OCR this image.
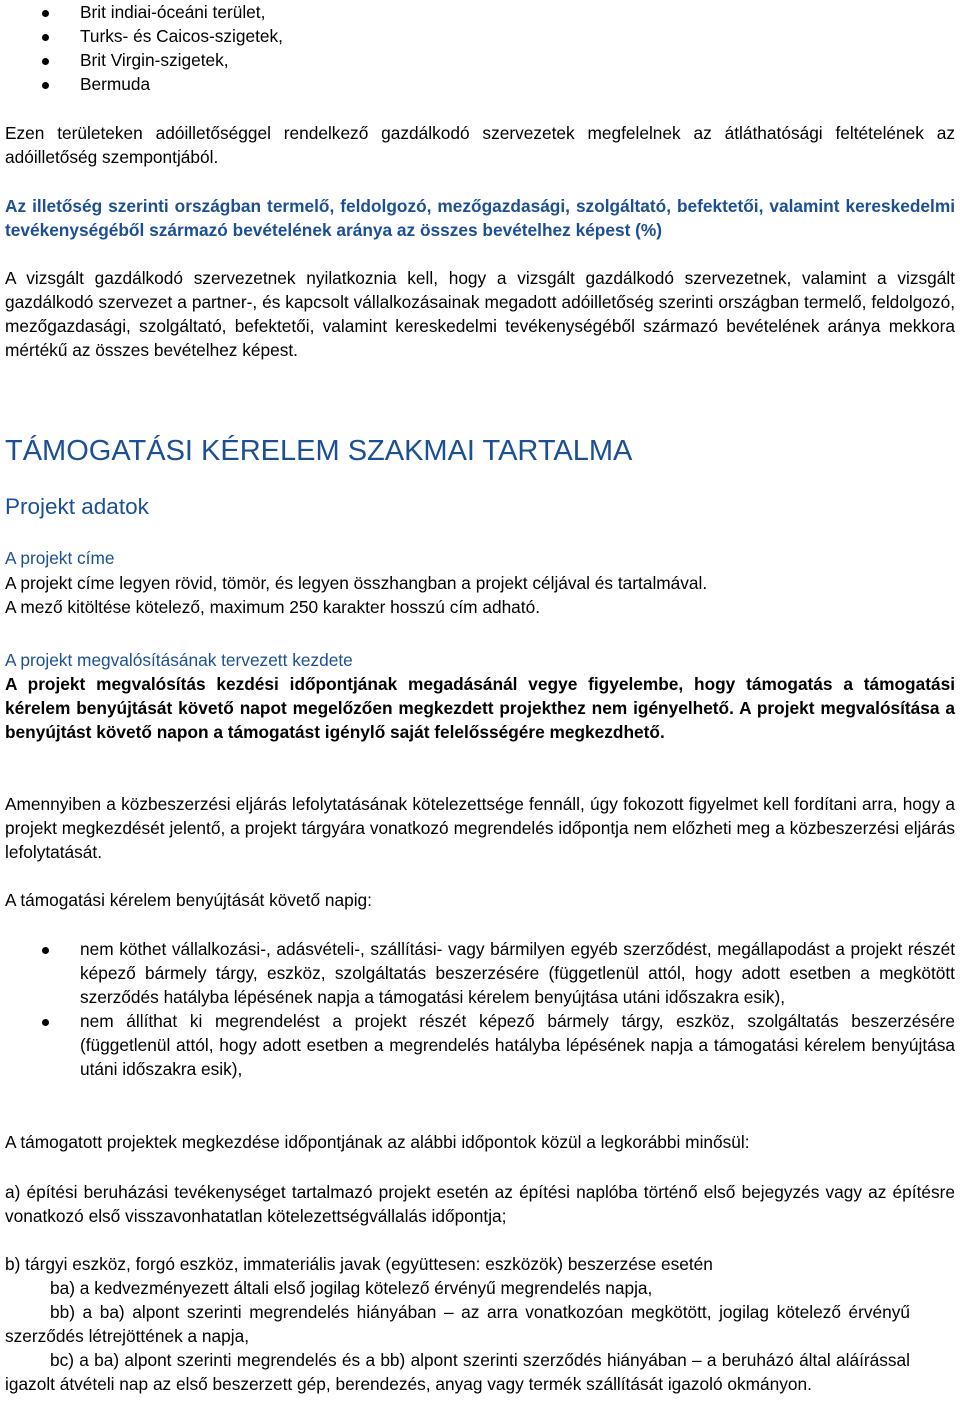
Brit indiai-óceáni terület,
Turks- és Caicos-szigetek,
Brit Virgin-szigetek,
Bermuda

Ezen területeken adóilletőséggel rendelkező gazdálkodó szervezetek megfelelnek az átláthatósági feltételének az adóilletőség szempontjából.

Az illetőség szerinti országban termelő, feldolgozó, mezőgazdasági, szolgáltató, befektetői, valamint kereskedelmi tevékenységéből származó bevételének aránya az összes bevételhez képest (%)

A vizsgált gazdálkodó szervezetnek nyilatkoznia kell, hogy a vizsgált gazdálkodó szervezetnek, valamint a vizsgált gazdálkodó szervezet a partner-, és kapcsolt vállalkozásainak megadott adóilletőség szerinti országban termelő, feldolgozó, mezőgazdasági, szolgáltató, befektetői, valamint kereskedelmi tevékenységéből származó bevételének aránya mekkora mértékű az összes bevételhez képest.

TÁMOGATÁSI KÉRELEM SZAKMAI TARTALMA
Projekt adatok

A projekt címe

A projekt címe legyen rövid, tömör, és legyen összhangban a projekt céljával és tartalmával.

A mező kitöltése kötelező, maximum 250 karakter hosszú cím adható.

A projekt megvalósításának tervezett kezdete

A projekt megvalósítás kezdési időpontjának megadásánál vegye figyelembe, hogy támogatás a támogatási kérelem benyújtását követő napot megelőzően megkezdett projekthez nem igényelhető. A projekt megvalósítása a benyújtást követő napon a támogatást igénylő saját felelősségére megkezdhető.

Amennyiben a közbeszerzési eljárás lefolytatásának kötelezettsége fennáll, úgy fokozott figyelmet kell fordítani arra, hogy a projekt megkezdését jelentő, a projekt tárgyára vonatkozó megrendelés időpontja nem előzheti meg a közbeszerzési eljárás lefolytatását.

A támogatási kérelem benyújtását követő napig:

nem köthet vállalkozási-, adásvételi-, szállítási- vagy bármilyen egyéb szerződést, megállapodást a projekt részét képező bármely tárgy, eszköz, szolgáltatás beszerzésére (függetlenül attól, hogy adott esetben a megkötött szerződés hatályba lépésének napja a támogatási kérelem benyújtása utáni időszakra esik),
nem állíthat ki megrendelést a projekt részét képező bármely tárgy, eszköz, szolgáltatás beszerzésére (függetlenül attól, hogy adott esetben a megrendelés hatályba lépésének napja a támogatási kérelem benyújtása utáni időszakra esik),

A támogatott projektek megkezdése időpontjának az alábbi időpontok közül a legkorábbi minősül:

a) építési beruházási tevékenységet tartalmazó projekt esetén az építési naplóba történő első bejegyzés vagy az építésre vonatkozó első visszavonhatatlan kötelezettségvállalás időpontja;

b) tárgyi eszköz, forgó eszköz, immateriális javak (együttesen: eszközök) beszerzése esetén

ba) a kedvezményezett általi első jogilag kötelező érvényű megrendelés napja,

bb) a ba) alpont szerinti megrendelés hiányában – az arra vonatkozóan megkötött, jogilag kötelező érvényű szerződés létrejöttének a napja,

bc) a ba) alpont szerinti megrendelés és a bb) alpont szerinti szerződés hiányában – a beruházó által aláírással igazolt átvételi nap az első beszerzett gép, berendezés, anyag vagy termék szállítását igazoló okmányon.
